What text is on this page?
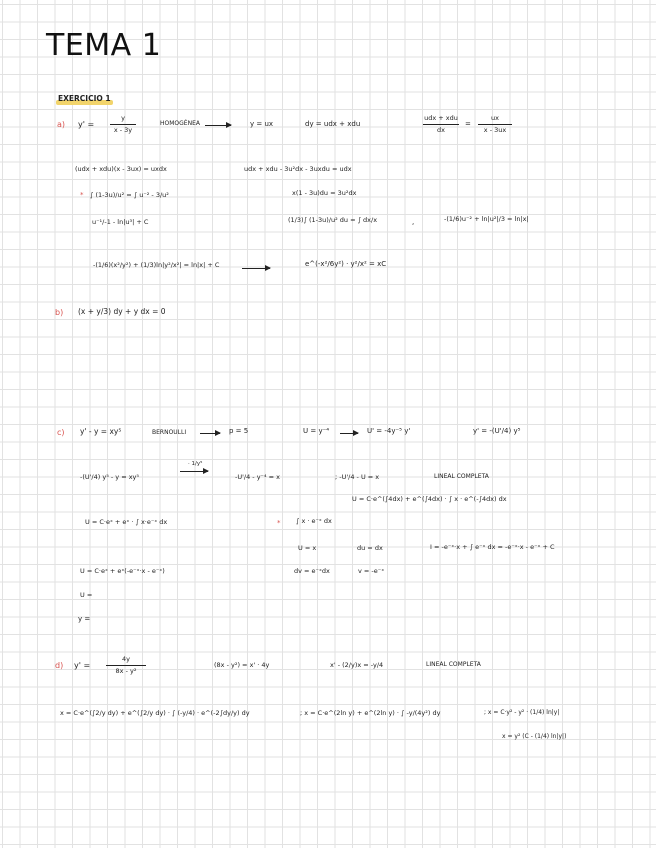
TEMA 1
EXERCICIO 1
a) y' =
y
x - 3y
HOMOGÉNEA	y = ux	dy = udx + xdu
udx + xdu
dx
=
ux
x - 3ux
(udx + xdu)(x - 3ux) = uxdx	udx + xdu - 3u²dx - 3uxdu = udx
* ∫ (1-3u)/u² = ∫ u⁻² - 3/u²	x(1 - 3u)du = 3u²dx
u⁻¹/-1 - ln|u³| + C	(1/3)∫ (1-3u)/u² du = ∫ dx/x	,	-(1/6)u⁻² + ln|u²|/3 = ln|x|
-(1/6)(x²/y²) + (1/3)ln|y²/x²| = ln|x| + C	e^(-x²/6y²) · y²/x² = xC
b) (x + y/3) dy + y dx = 0
c) y' - y = xy⁵	BERNOULLI	p = 5	U = y⁻⁴	U' = -4y⁻⁵ y'	y' = -(U'/4) y⁵
-(U'/4) y⁵ - y = xy⁵
· 1/y⁵
-U'/4 - y⁻⁴ = x	; -U'/4 - U = x	LINEAL COMPLETA
U = C·e^(∫4dx) + e^(∫4dx) · ∫ x · e^(-∫4dx) dx
U = C·eˣ + eˣ · ∫ x·e⁻ˣ dx	* ∫ x · e⁻ˣ dx
U = x	du = dx	I = -e⁻ˣ·x + ∫ e⁻ˣ dx = -e⁻ˣ·x - e⁻ˣ + C
U = C·eˣ + eˣ(-e⁻ˣ·x - e⁻ˣ)	dv = e⁻ˣdx	v = -e⁻ˣ
U =
y =
d) y' =
4y
8x - y²
(8x - y²) = x' · 4y	x' - (2/y)x = -y/4	LINEAL COMPLETA
x = C·e^(∫2/y dy) + e^(∫2/y dy) · ∫ (-y/4) · e^(-2∫dy/y) dy	; x = C·e^(2ln y) + e^(2ln y) · ∫ -y/(4y²) dy	; x = C·y² - y² · (1/4) ln|y|
x = y² (C - (1/4) ln|y|)
